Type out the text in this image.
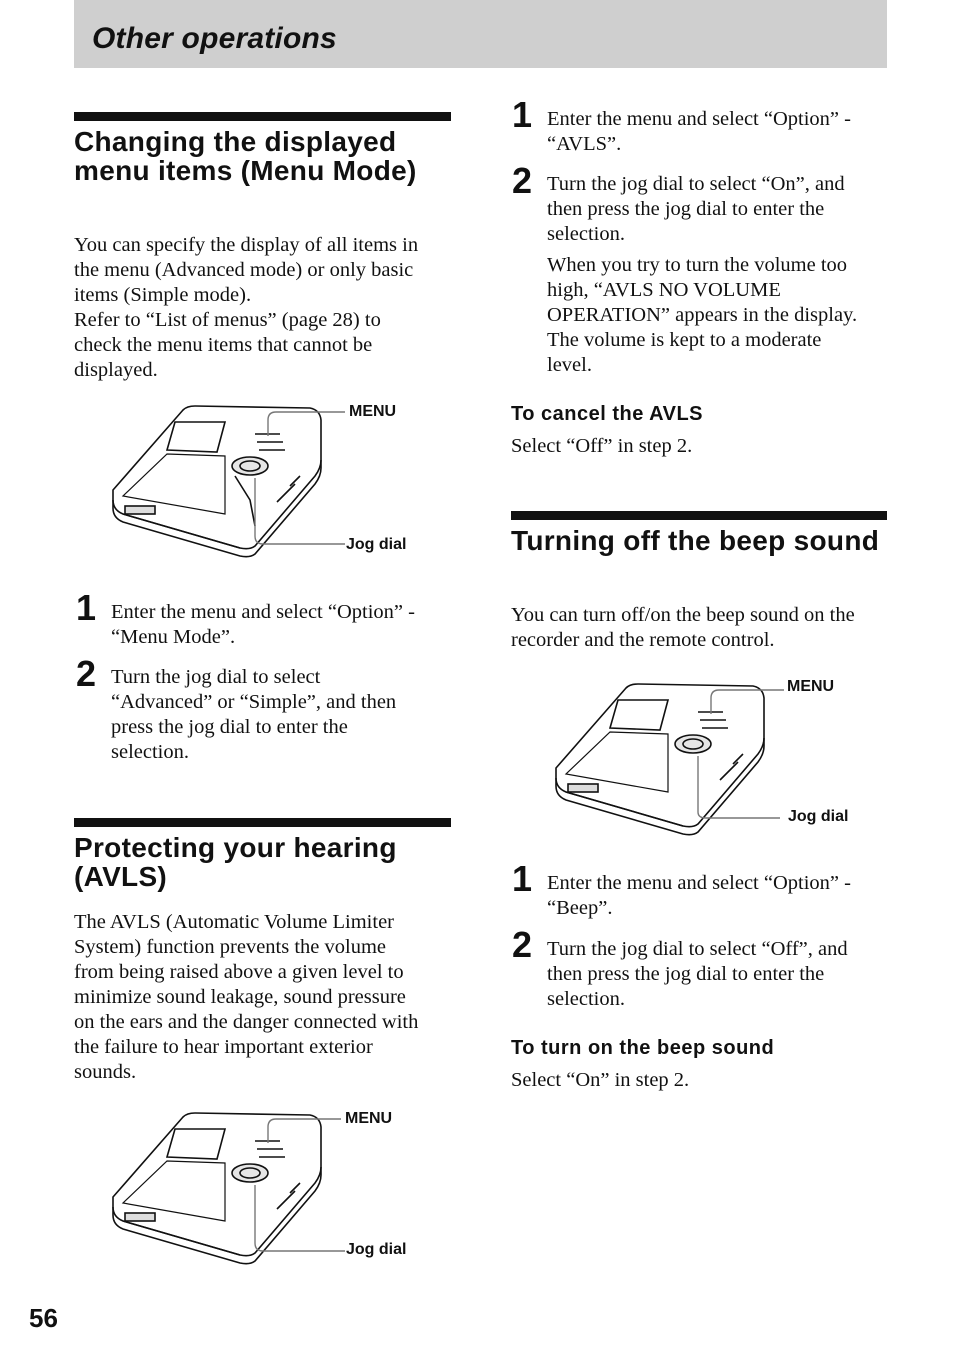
Other operations
Changing the displayed menu items (Menu Mode)
You can specify the display of all items in
the menu (Advanced mode) or only basic
items (Simple mode).
Refer to “List of menus” (page 28) to
check the menu items that cannot be
displayed.
MENU
Jog dial
1 Enter the menu and select “Option” -
“Menu Mode”.
2 Turn the jog dial to select
“Advanced” or “Simple”, and then
press the jog dial to enter the
selection.
Protecting your hearing (AVLS)
The AVLS (Automatic Volume Limiter
System) function prevents the volume
from being raised above a given level to
minimize sound leakage, sound pressure
on the ears and the danger connected with
the failure to hear important exterior
sounds.
MENU
Jog dial
1 Enter the menu and select “Option” -
“AVLS”.
2 Turn the jog dial to select “On”, and
then press the jog dial to enter the
selection.
When you try to turn the volume too
high, “AVLS NO VOLUME
OPERATION” appears in the display.
The volume is kept to a moderate
level.
To cancel the AVLS
Select “Off” in step 2.
Turning off the beep sound
You can turn off/on the beep sound on the
recorder and the remote control.
MENU
Jog dial
1 Enter the menu and select “Option” -
“Beep”.
2 Turn the jog dial to select “Off”, and
then press the jog dial to enter the
selection.
To turn on the beep sound
Select “On” in step 2.
56
